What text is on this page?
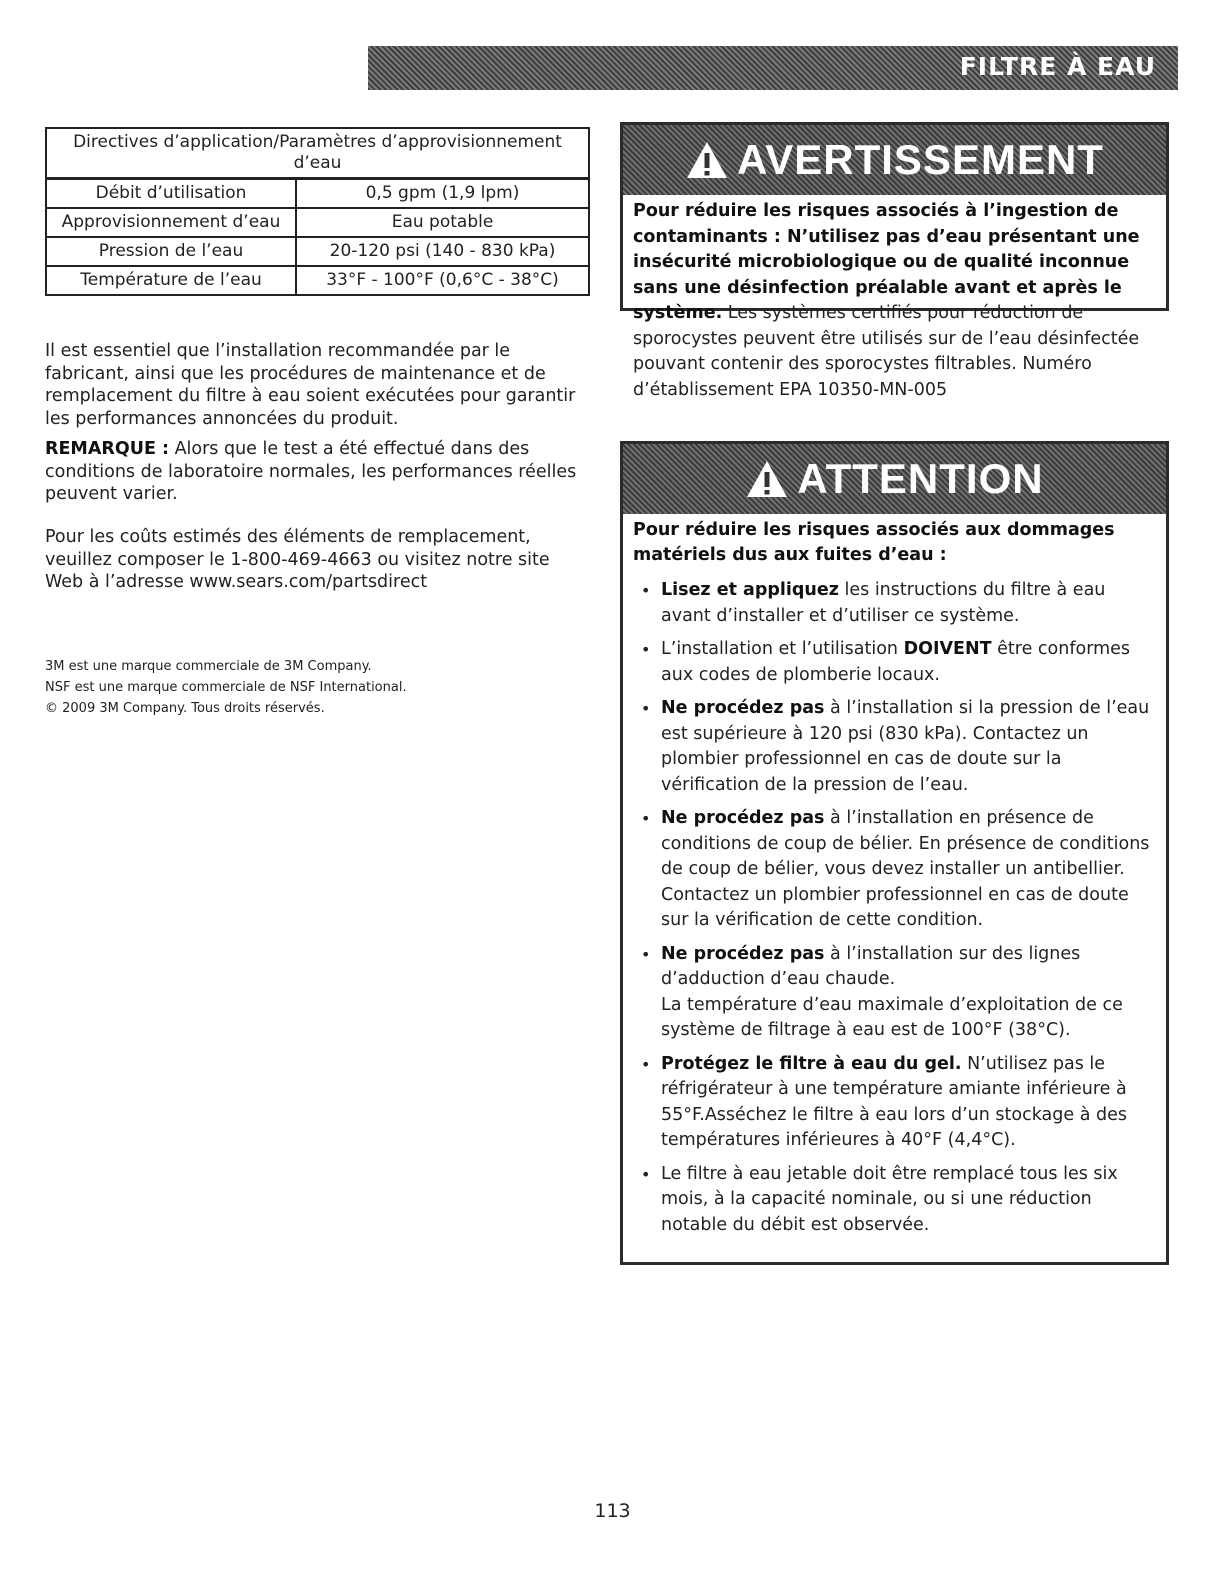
FILTRE À EAU
Directives d’application/Paramètres d’approvisionnement d’eau	
Débit d’utilisation	0,5 gpm (1,9 lpm)
Approvisionnement d’eau	Eau potable
Pression de l’eau	20-120 psi (140 - 830 kPa)
Température de l’eau	33°F - 100°F (0,6°C - 38°C)

Il est essentiel que l’installation recommandée par le fabricant, ainsi que les procédures de maintenance et de remplacement du filtre à eau soient exécutées pour garantir les performances annoncées du produit.

REMARQUE : Alors que le test a été effectué dans des conditions de laboratoire normales, les performances réelles peuvent varier.

Pour les coûts estimés des éléments de remplacement, veuillez composer le 1-800-469-4663 ou visitez notre site Web à l’adresse www.sears.com/partsdirect

3M est une marque commerciale de 3M Company.
NSF est une marque commerciale de NSF International.
© 2009 3M Company. Tous droits réservés.
AVERTISSEMENT
Pour réduire les risques associés à l’ingestion de contaminants : N’utilisez pas d’eau présentant une insécurité microbiologique ou de qualité inconnue sans une désinfection préalable avant et après le système. Les systèmes certifiés pour réduction de sporocystes peuvent être utilisés sur de l’eau désinfectée pouvant contenir des sporocystes filtrables. Numéro d’établissement EPA 10350-MN-005
ATTENTION

Pour réduire les risques associés aux dommages matériels dus aux fuites d’eau :

• Lisez et appliquez les instructions du filtre à eau avant d’installer et d’utiliser ce système.
• L’installation et l’utilisation DOIVENT être conformes aux codes de plomberie locaux.
• Ne procédez pas à l’installation si la pression de l’eau est supérieure à 120 psi (830 kPa). Contactez un plombier professionnel en cas de doute sur la vérification de la pression de l’eau.
• Ne procédez pas à l’installation en présence de conditions de coup de bélier. En présence de conditions de coup de bélier, vous devez installer un antibellier. Contactez un plombier professionnel en cas de doute sur la vérification de cette condition.
• Ne procédez pas à l’installation sur des lignes d’adduction d’eau chaude.
La température d’eau maximale d’exploitation de ce système de filtrage à eau est de 100°F (38°C).
• Protégez le filtre à eau du gel. N’utilisez pas le réfrigérateur à une température amiante inférieure à 55°F.Asséchez le filtre à eau lors d’un stockage à des températures inférieures à 40°F (4,4°C).
• Le filtre à eau jetable doit être remplacé tous les six mois, à la capacité nominale, ou si une réduction notable du débit est observée.
113
